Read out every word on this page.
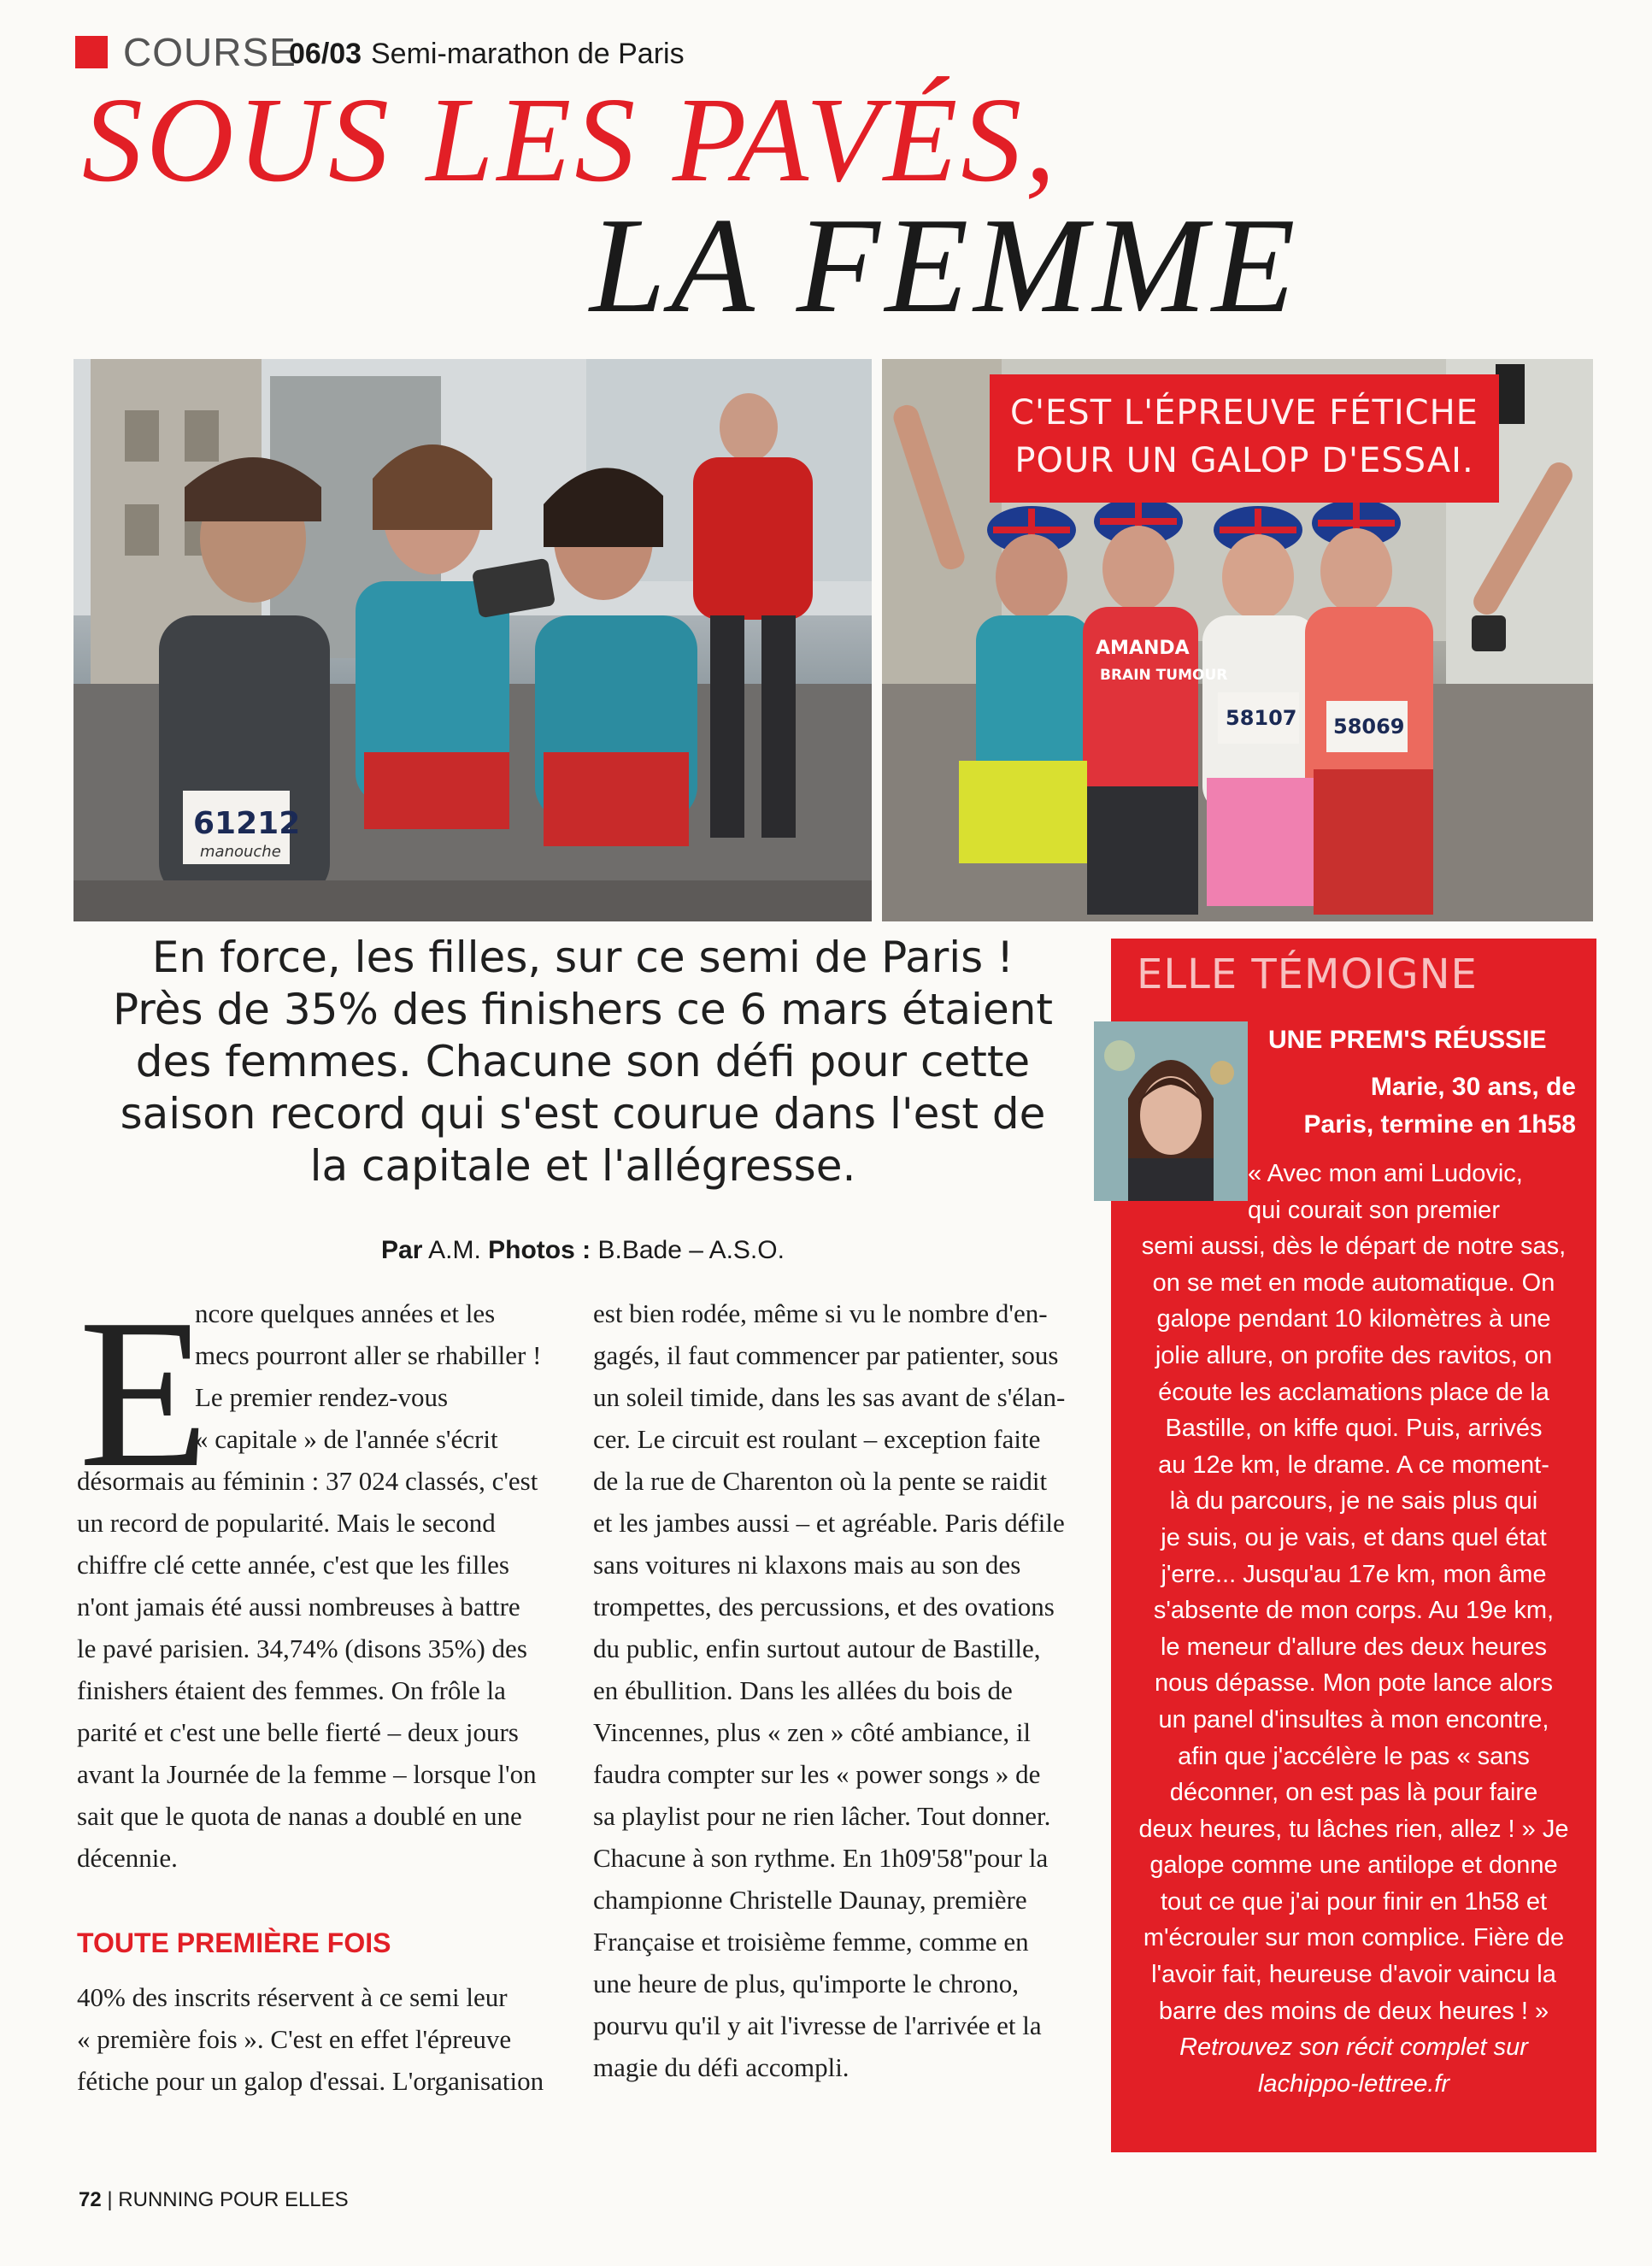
COURSE
06/03 Semi-marathon de Paris
SOUS LES PAVÉS,
LA FEMME
61212
manouche
AMANDA
BRAIN TUMOUR
58107 58069
C'EST L'ÉPREUVE FÉTICHE
POUR UN GALOP D'ESSAI.
En force, les filles, sur ce semi de Paris !
Près de 35% des finishers ce 6 mars étaient
des femmes. Chacune son défi pour cette
saison record qui s'est courue dans l'est de
la capitale et l'allégresse.
Par A.M. Photos : B.Bade – A.S.O.
E
ncore quelques années et les
mecs pourront aller se rhabiller !
Le premier rendez-vous
« capitale » de l'année s'écrit
désormais au féminin : 37 024 classés, c'est
un record de popularité. Mais le second
chiffre clé cette année, c'est que les filles
n'ont jamais été aussi nombreuses à battre
le pavé parisien. 34,74% (disons 35%) des
finishers étaient des femmes. On frôle la
parité et c'est une belle fierté – deux jours
avant la Journée de la femme – lorsque l'on
sait que le quota de nanas a doublé en une
décennie.
TOUTE PREMIÈRE FOIS
40% des inscrits réservent à ce semi leur
« première fois ». C'est en effet l'épreuve
fétiche pour un galop d'essai. L'organisation
est bien rodée, même si vu le nombre d'en-
gagés, il faut commencer par patienter, sous
un soleil timide, dans les sas avant de s'élan-
cer. Le circuit est roulant – exception faite
de la rue de Charenton où la pente se raidit
et les jambes aussi – et agréable. Paris défile
sans voitures ni klaxons mais au son des
trompettes, des percussions, et des ovations
du public, enfin surtout autour de Bastille,
en ébullition. Dans les allées du bois de
Vincennes, plus « zen » côté ambiance, il
faudra compter sur les « power songs » de
sa playlist pour ne rien lâcher. Tout donner.
Chacune à son rythme. En 1h09'58"pour la
championne Christelle Daunay, première
Française et troisième femme, comme en
une heure de plus, qu'importe le chrono,
pourvu qu'il y ait l'ivresse de l'arrivée et la
magie du défi accompli.
ELLE TÉMOIGNE
UNE PREM'S RÉUSSIE
Marie, 30 ans, de
Paris, termine en 1h58
« Avec mon ami Ludovic,
qui courait son premier
semi aussi, dès le départ de notre sas,
on se met en mode automatique. On
galope pendant 10 kilomètres à une
jolie allure, on profite des ravitos, on
écoute les acclamations place de la
Bastille, on kiffe quoi. Puis, arrivés
au 12e km, le drame. A ce moment-
là du parcours, je ne sais plus qui
je suis, ou je vais, et dans quel état
j'erre... Jusqu'au 17e km, mon âme
s'absente de mon corps. Au 19e km,
le meneur d'allure des deux heures
nous dépasse. Mon pote lance alors
un panel d'insultes à mon encontre,
afin que j'accélère le pas « sans
déconner, on est pas là pour faire
deux heures, tu lâches rien, allez ! » Je
galope comme une antilope et donne
tout ce que j'ai pour finir en 1h58 et
m'écrouler sur mon complice. Fière de
l'avoir fait, heureuse d'avoir vaincu la
barre des moins de deux heures ! »
Retrouvez son récit complet sur
lachippo-lettree.fr
72 | RUNNING POUR ELLES
